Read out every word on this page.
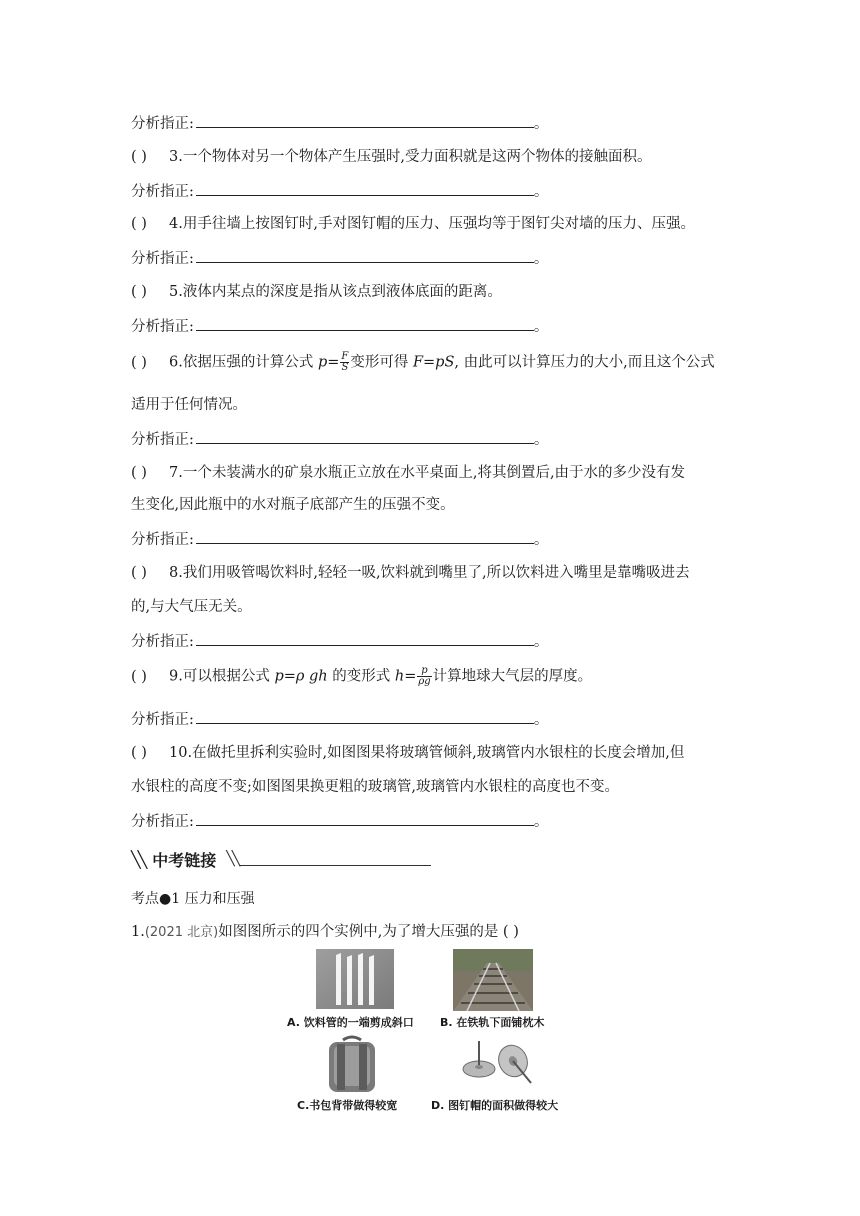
分析指正:	。
( ) 3.一个物体对另一个物体产生压强时,受力面积就是这两个物体的接触面积。
分析指正:	。
( ) 4.用手往墙上按图钉时,手对图钉帽的压力、压强均等于图钉尖对墙的压力、压强。
分析指正:	。
( ) 5.液体内某点的深度是指从该点到液体底面的距离。
分析指正:	。
( ) 6.依据压强的计算公式 $p= \frac{F}{S}$ 变形可得 F=pS, 由此可以计算压力的大小,而且这个公式
适用于任何情况。
分析指正:	。
( ) 7.一个未装满水的矿泉水瓶正立放在水平桌面上,将其倒置后,由于水的多少没有发
生变化,因此瓶中的水对瓶子底部产生的压强不变。
分析指正:	。
( ) 8.我们用吸管喝饮料时,轻轻一吸,饮料就到嘴里了,所以饮料进入嘴里是靠嘴吸进去
的,与大气压无关。
分析指正:	。
( ) 9.可以根据公式 p=ρ gh 的变形式 $h= \frac{p}{\rho g}$ 计算地球大气层的厚度。
分析指正:	。
( ) 10.在做托里拆利实验时,如图图果将玻璃管倾斜,玻璃管内水银柱的长度会增加,但
水银柱的高度不变;如图图果换更粗的玻璃管,玻璃管内水银柱的高度也不变。
分析指正:	。
╲╲ 中考链接 ╲╲
考点●1 压力和压强
1.(2021 北京)如图图所示的四个实例中,为了增大压强的是 ( )
A. 饮料管的一端剪成斜口 B. 在铁轨下面铺枕木
C.书包背带做得较宽	D. 图钉帽的面积做得较大
